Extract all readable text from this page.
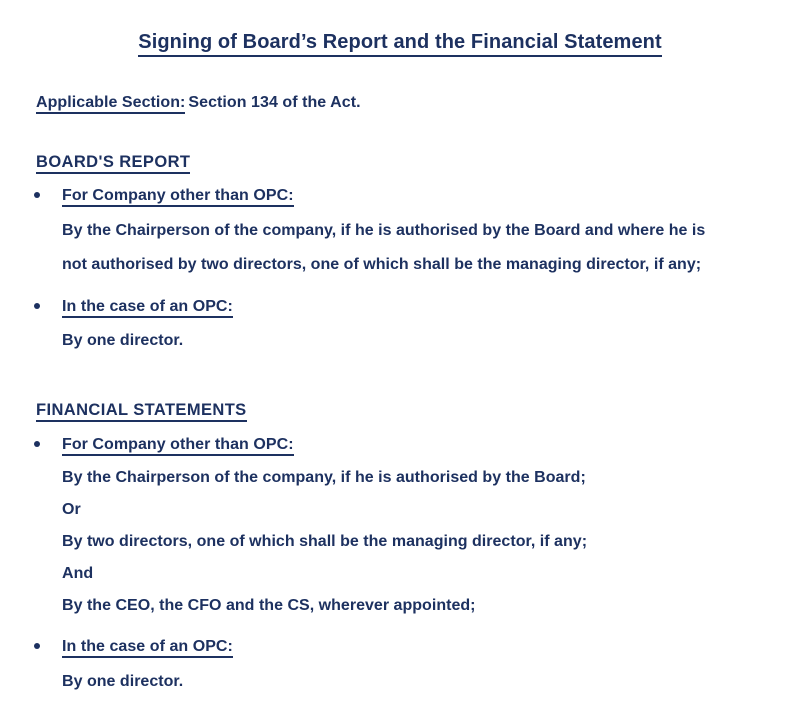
Signing of Board’s Report and the Financial Statement

Applicable Section: Section 134 of the Act.

BOARD'S REPORT
For Company other than OPC:
By the Chairperson of the company, if he is authorised by the Board and where he is
not authorised by two directors, one of which shall be the managing director, if any;
In the case of an OPC:
By one director.
FINANCIAL STATEMENTS
For Company other than OPC:
By the Chairperson of the company, if he is authorised by the Board;
Or
By two directors, one of which shall be the managing director, if any;
And
By the CEO, the CFO and the CS, wherever appointed;
In the case of an OPC:
By one director.
